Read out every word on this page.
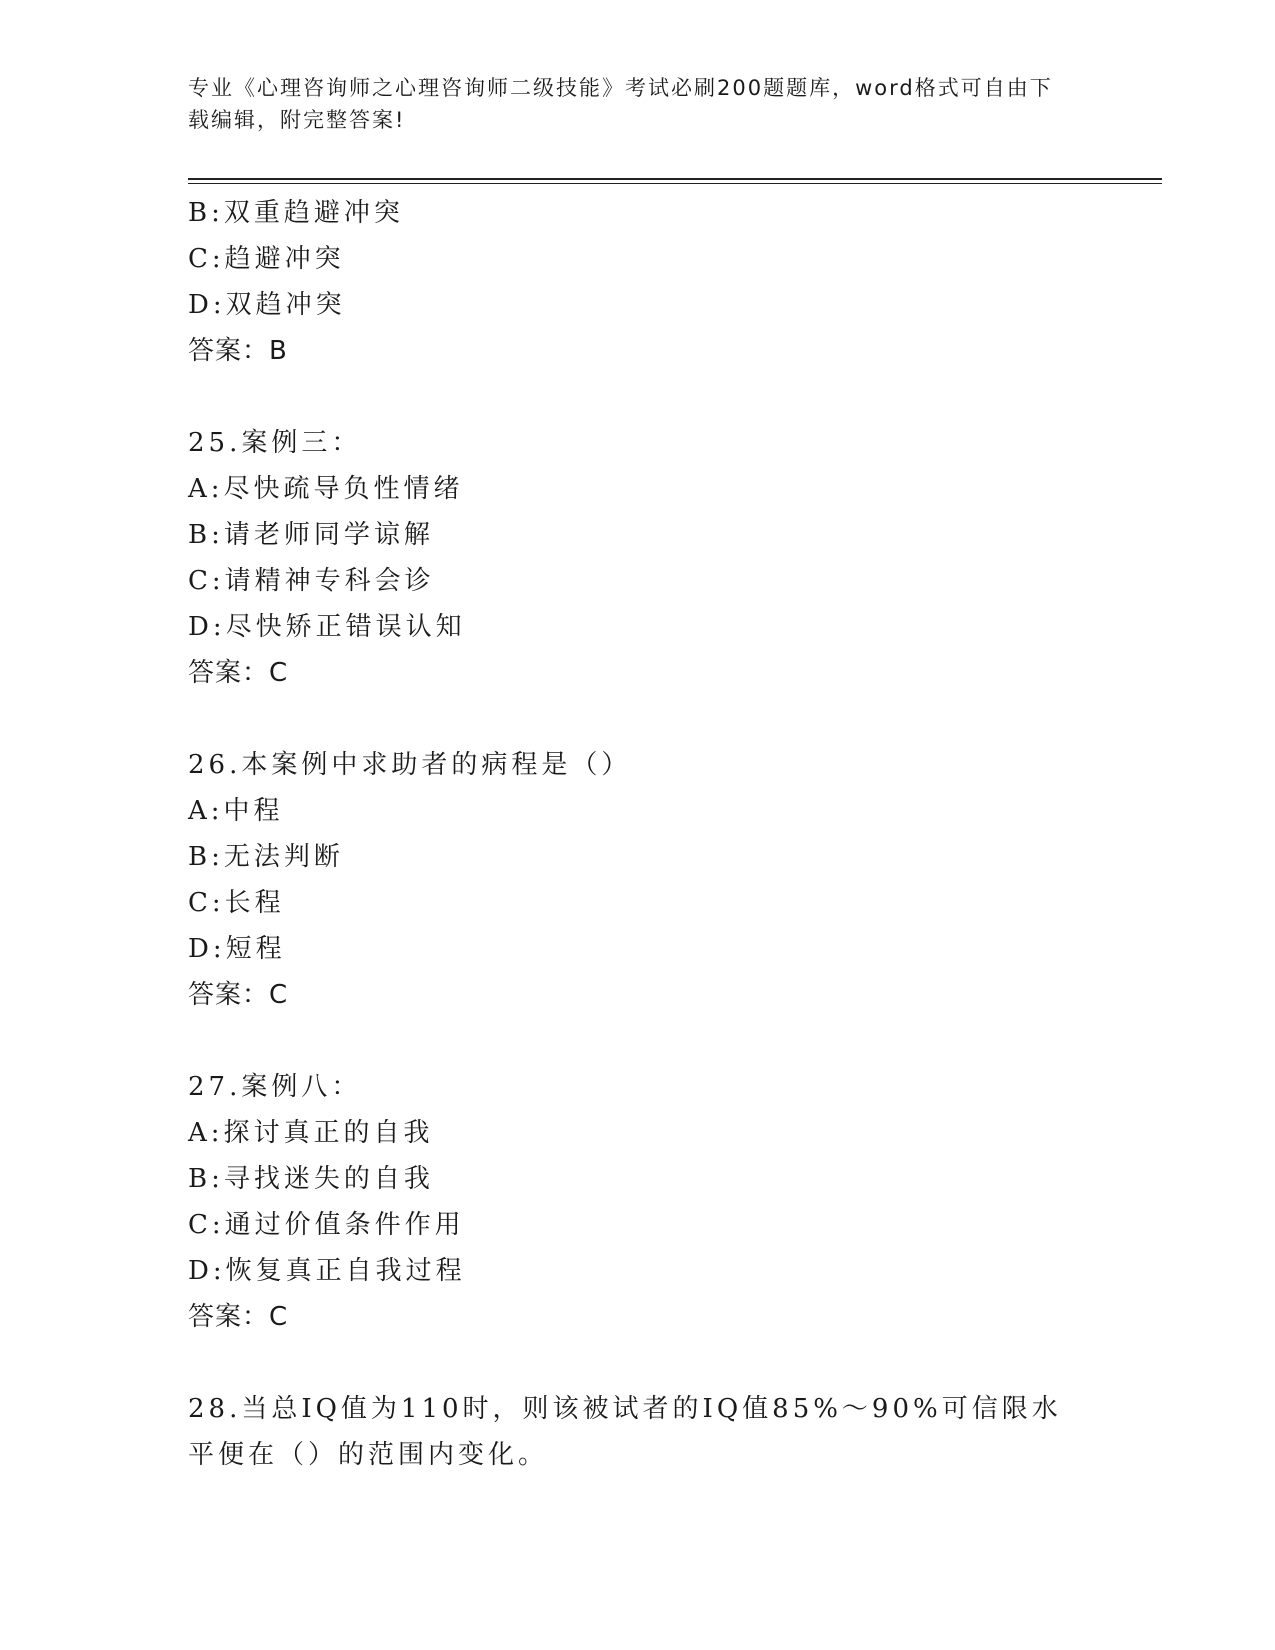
专业《心理咨询师之心理咨询师二级技能》考试必刷200题题库，word格式可自由下载编辑，附完整答案!
B:双重趋避冲突
C:趋避冲突
D:双趋冲突
答案：B
25.案例三：
A:尽快疏导负性情绪
B:请老师同学谅解
C:请精神专科会诊
D:尽快矫正错误认知
答案：C
26.本案例中求助者的病程是（）
A:中程
B:无法判断
C:长程
D:短程
答案：C
27.案例八：
A:探讨真正的自我
B:寻找迷失的自我
C:通过价值条件作用
D:恢复真正自我过程
答案：C
28.当总IQ值为110时，则该被试者的IQ值85%～90%可信限水平便在（）的范围内变化。
